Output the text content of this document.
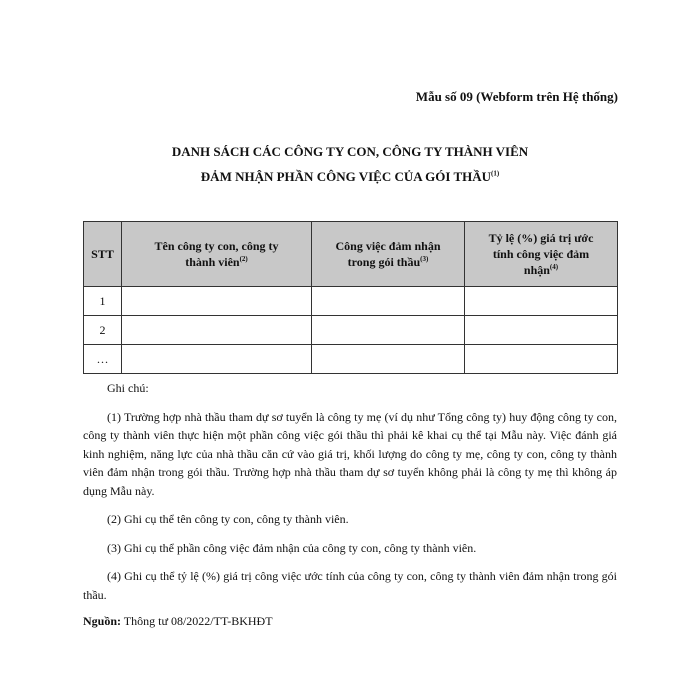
Mẫu số 09 (Webform trên Hệ thống)
DANH SÁCH CÁC CÔNG TY CON, CÔNG TY THÀNH VIÊN
ĐẢM NHẬN PHẦN CÔNG VIỆC CỦA GÓI THẦU$^{(1)}$
STT	Tên công ty con, công ty thành viên$^{(2)}$	Công việc đảm nhận trong gói thầu$^{(3)}$	Tỷ lệ (%) giá trị ước tính công việc đảm nhận$^{(4)}$

1			
2			
…			

Ghi chú:

(1) Trường hợp nhà thầu tham dự sơ tuyển là công ty mẹ (ví dụ như Tổng công ty) huy động công ty con, công ty thành viên thực hiện một phần công việc gói thầu thì phải kê khai cụ thể tại Mẫu này. Việc đánh giá kinh nghiệm, năng lực của nhà thầu căn cứ vào giá trị, khối lượng do công ty mẹ, công ty con, công ty thành viên đảm nhận trong gói thầu. Trường hợp nhà thầu tham dự sơ tuyển không phải là công ty mẹ thì không áp dụng Mẫu này.

(2) Ghi cụ thể tên công ty con, công ty thành viên.

(3) Ghi cụ thể phần công việc đảm nhận của công ty con, công ty thành viên.

(4) Ghi cụ thể tỷ lệ (%) giá trị công việc ước tính của công ty con, công ty thành viên đảm nhận trong gói thầu.

Nguồn: Thông tư 08/2022/TT-BKHĐT
